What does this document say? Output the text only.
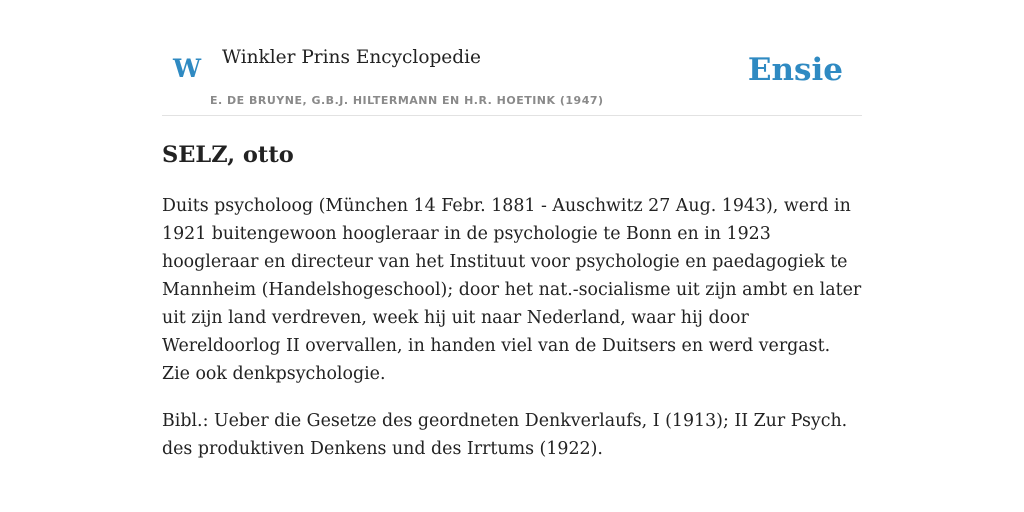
W Winkler Prins Encyclopedie
E. DE BRUYNE, G.B.J. HILTERMANN EN H.R. HOETINK (1947)
Ensie
SELZ, otto

Duits psycholoog (München 14 Febr. 1881 - Auschwitz 27 Aug. 1943), werd in 1921 buitengewoon hoogleraar in de psychologie te Bonn en in 1923 hoogleraar en directeur van het Instituut voor psychologie en paedagogiek te Mannheim (Handelshogeschool); door het nat.-socialisme uit zijn ambt en later uit zijn land verdreven, week hij uit naar Nederland, waar hij door Wereldoorlog II overvallen, in handen viel van de Duitsers en werd vergast. Zie ook denkpsychologie.

Bibl.: Ueber die Gesetze des geordneten Denkverlaufs, I (1913); II Zur Psych. des produktiven Denkens und des Irrtums (1922).
